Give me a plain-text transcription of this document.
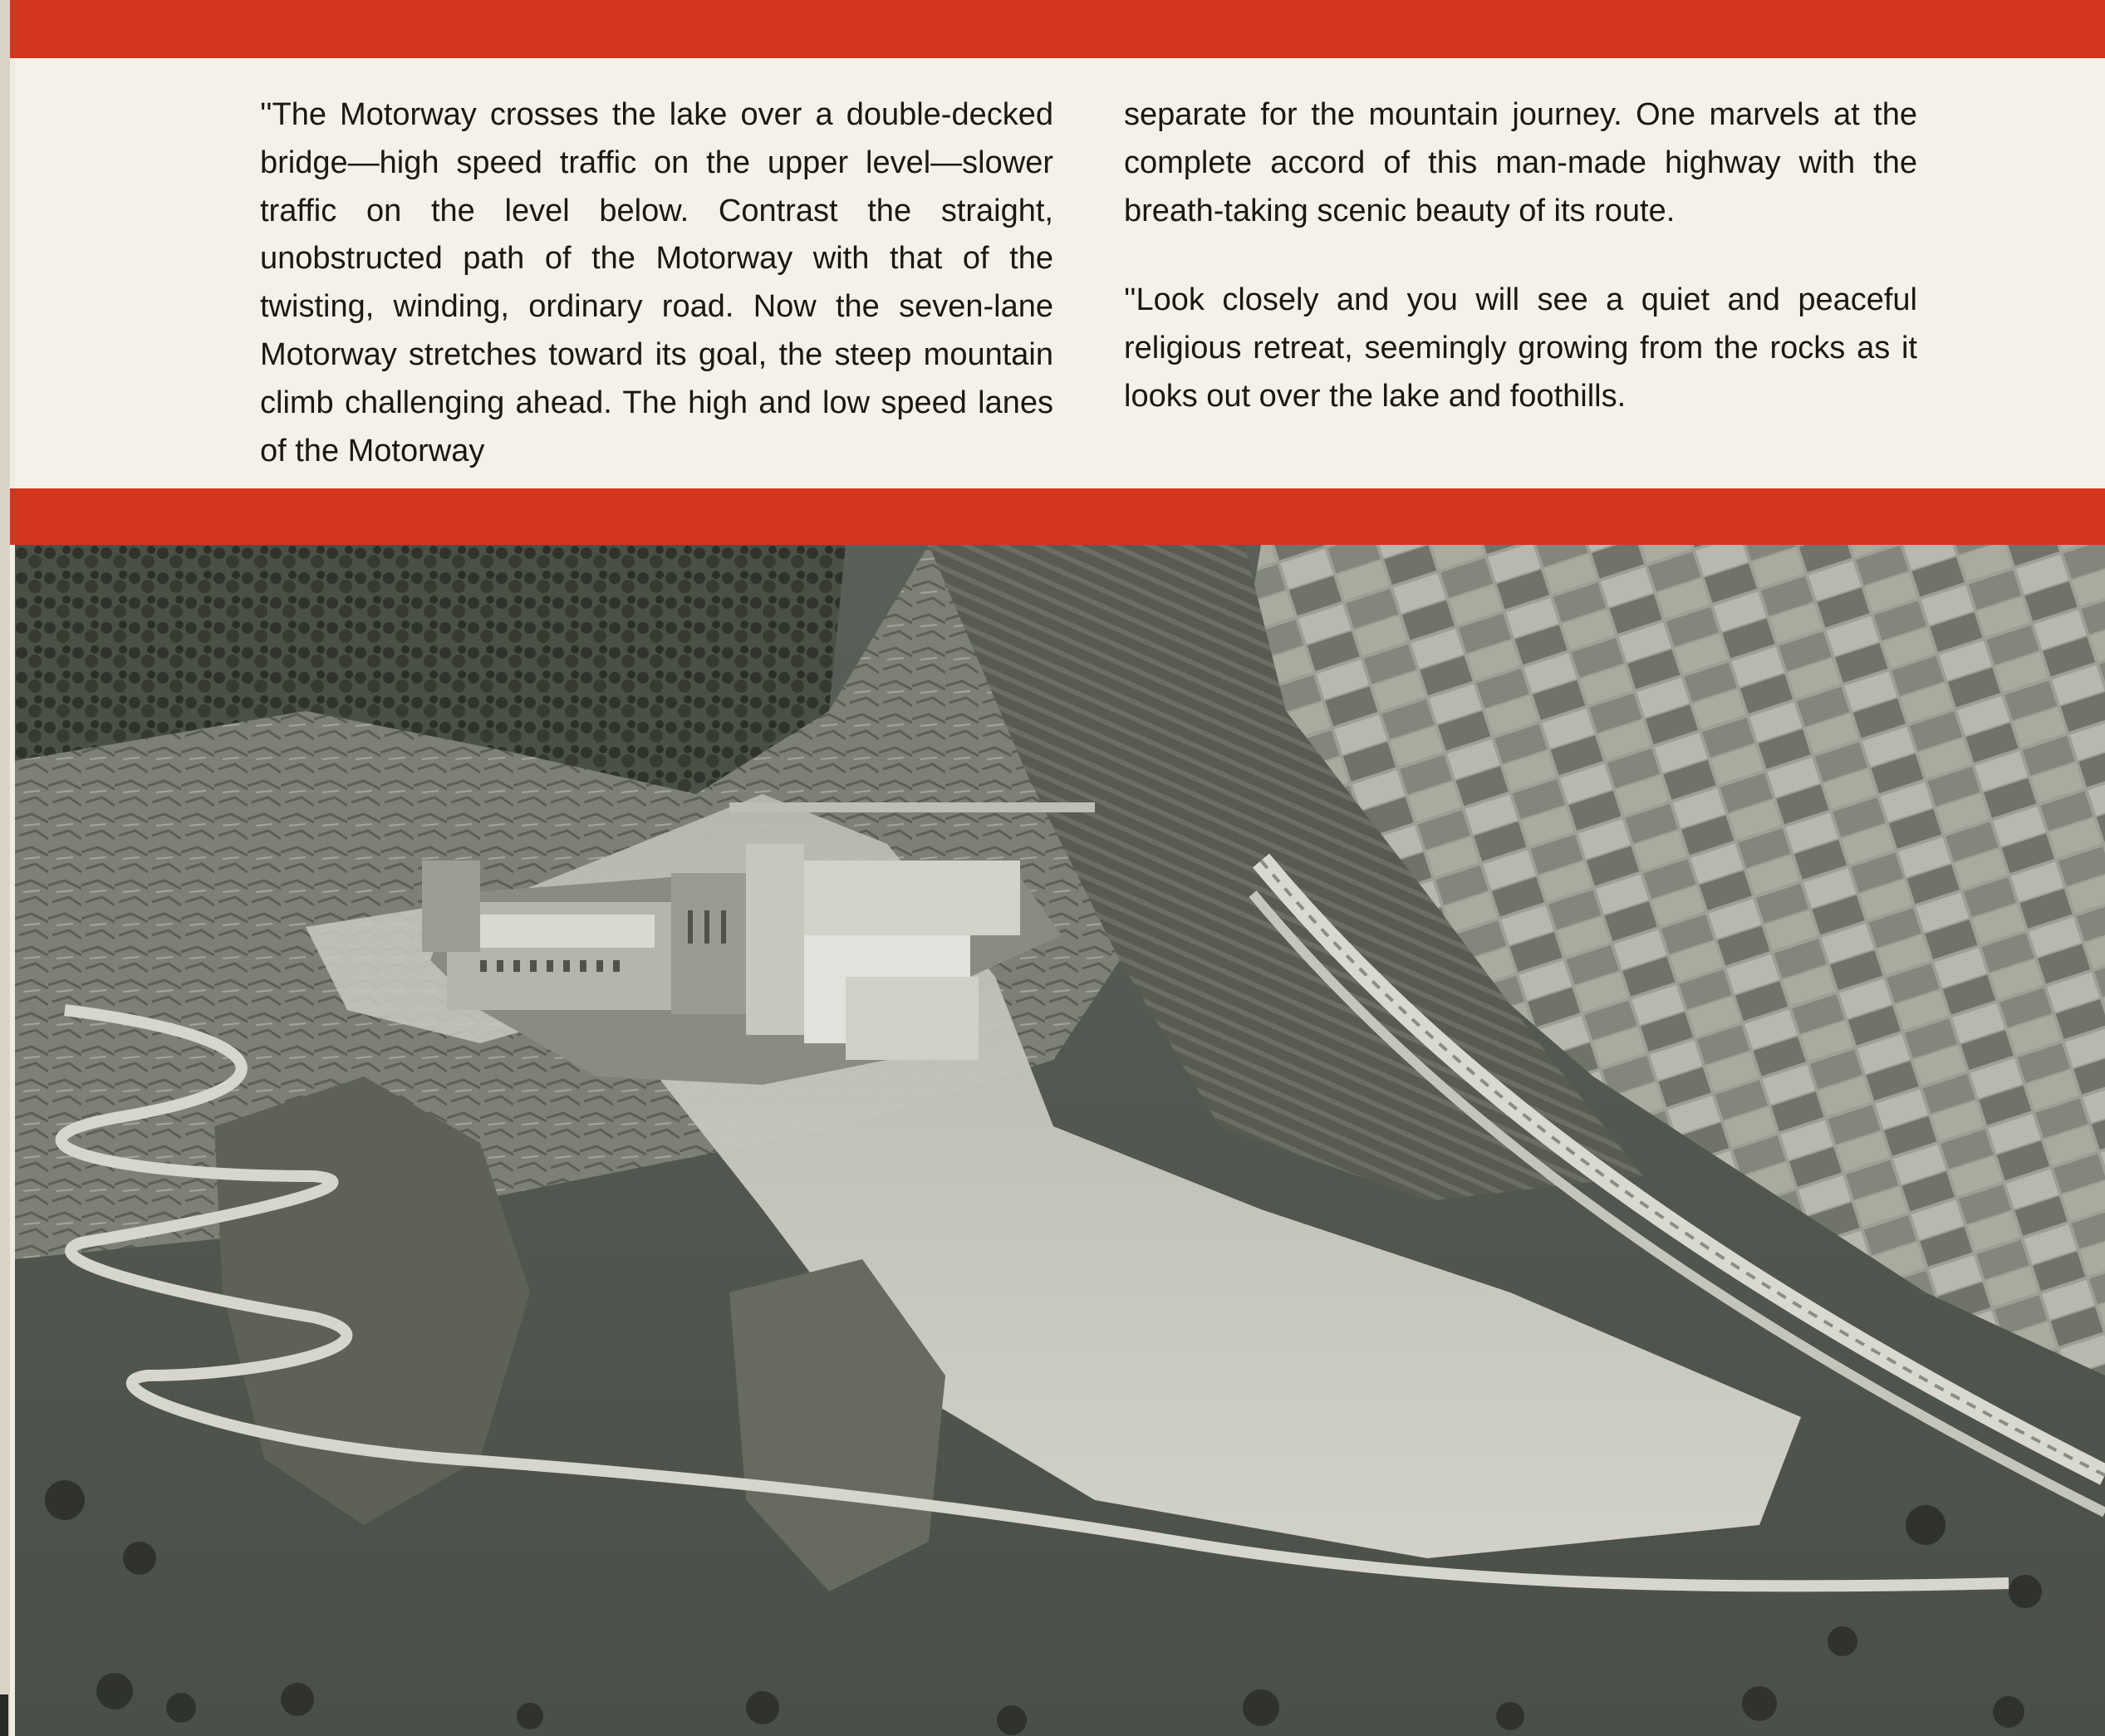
''The Motorway crosses the lake over a double-decked bridge—high speed traffic on the upper level—slower traffic on the level below. Contrast the straight, unobstructed path of the Motorway with that of the twisting, winding, ordinary road. Now the seven-lane Motorway stretches toward its goal, the steep mountain climb challenging ahead. The high and low speed lanes of the Motorway

separate for the mountain journey. One marvels at the complete accord of this man-made highway with the breath-taking scenic beauty of its route.

''Look closely and you will see a quiet and peaceful religious retreat, seemingly growing from the rocks as it looks out over the lake and foothills.
